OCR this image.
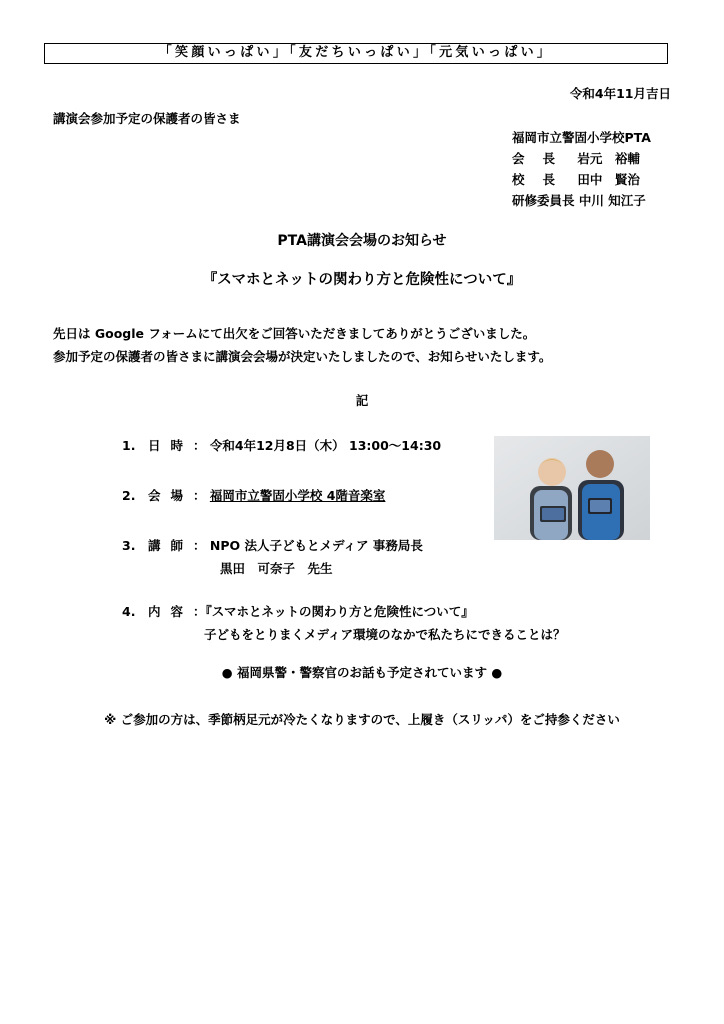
「笑顔いっぱい」「友だちいっぱい」「元気いっぱい」
令和4年11月吉日
講演会参加予定の保護者の皆さま
福岡市立警固小学校PTA
会長 岩元　裕輔
校長 田中　賢治
研修委員長 中川 知江子
PTA講演会会場のお知らせ
『スマホとネットの関わり方と危険性について』
先日は Google フォームにて出欠をご回答いただきましてありがとうございました。
参加予定の保護者の皆さまに講演会会場が決定いたしましたので、お知らせいたします。
記
1. 日時： 令和4年12月8日（木） 13:00～14:30
2. 会場： 福岡市立警固小学校 4階音楽室
3. 講師： NPO 法人子どもとメディア 事務局長
黒田　可奈子　先生
4. 内容：『スマホとネットの関わり方と危険性について』
子どもをとりまくメディア環境のなかで私たちにできることは？
● 福岡県警・警察官のお話も予定されています ●
※ ご参加の方は、季節柄足元が冷たくなりますので、上履き（スリッパ）をご持参ください
